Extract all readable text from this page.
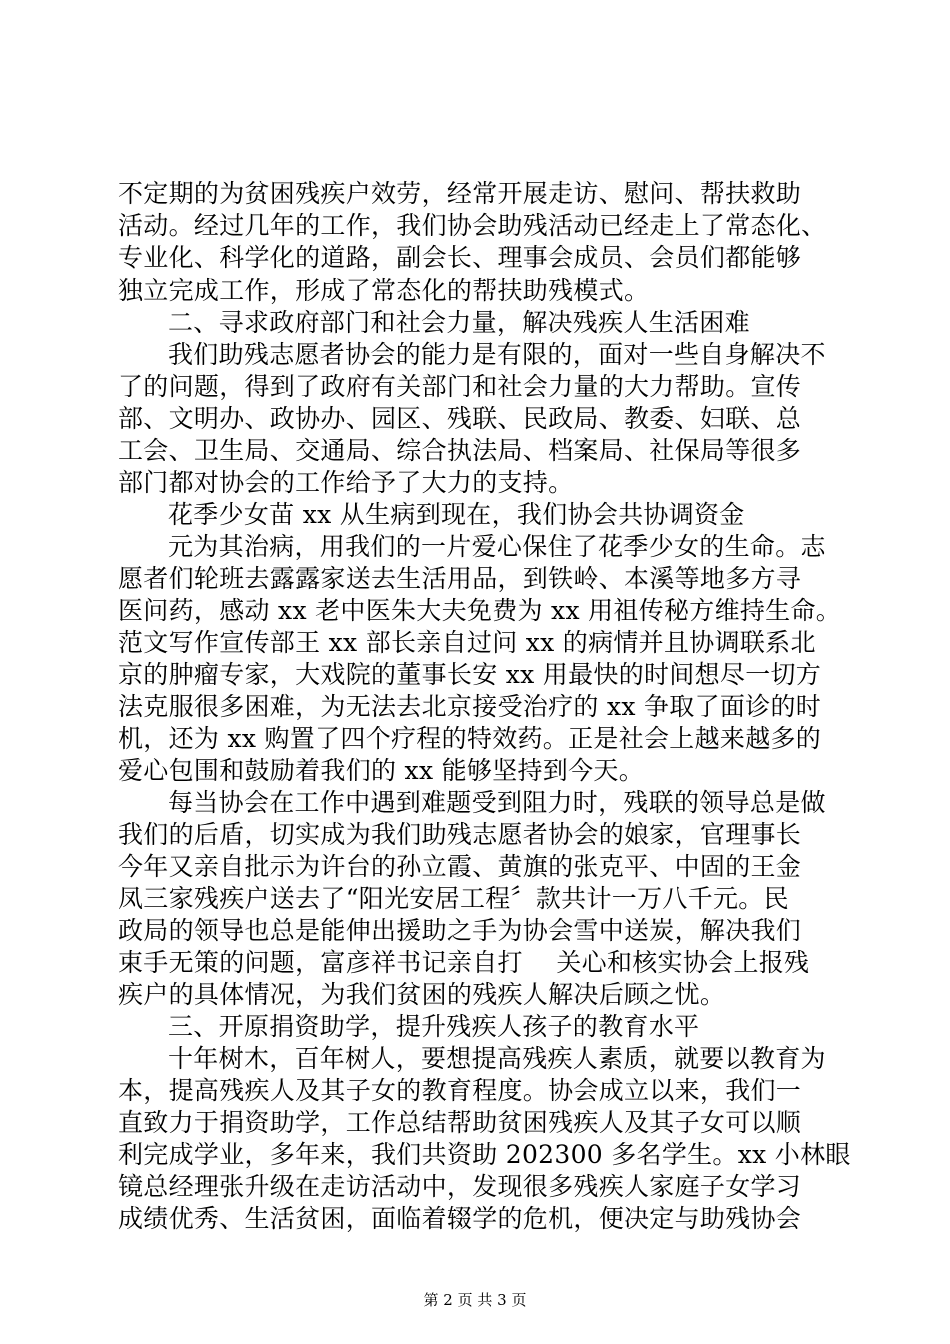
不定期的为贫困残疾户效劳，经常开展走访、慰问、帮扶救助
活动。经过几年的工作，我们协会助残活动已经走上了常态化、
专业化、科学化的道路，副会长、理事会成员、会员们都能够
独立完成工作，形成了常态化的帮扶助残模式。
二、寻求政府部门和社会力量，解决残疾人生活困难
我们助残志愿者协会的能力是有限的，面对一些自身解决不
了的问题，得到了政府有关部门和社会力量的大力帮助。宣传
部、文明办、政协办、园区、残联、民政局、教委、妇联、总
工会、卫生局、交通局、综合执法局、档案局、社保局等很多
部门都对协会的工作给予了大力的支持。
花季少女苗 xx 从生病到现在，我们协会共协调资金
元为其治病，用我们的一片爱心保住了花季少女的生命。志
愿者们轮班去露露家送去生活用品，到铁岭、本溪等地多方寻
医问药，感动 xx 老中医朱大夫免费为 xx 用祖传秘方维持生命。
范文写作宣传部王 xx 部长亲自过问 xx 的病情并且协调联系北
京的肿瘤专家，大戏院的董事长安 xx 用最快的时间想尽一切方
法克服很多困难，为无法去北京接受治疗的 xx 争取了面诊的时
机，还为 xx 购置了四个疗程的特效药。正是社会上越来越多的
爱心包围和鼓励着我们的 xx 能够坚持到今天。
每当协会在工作中遇到难题受到阻力时，残联的领导总是做
我们的后盾，切实成为我们助残志愿者协会的娘家，官理事长
今年又亲自批示为许台的孙立霞、黄旗的张克平、中固的王金
凤三家残疾户送去了“阳光安居工程〞款共计一万八千元。民
政局的领导也总是能伸出援助之手为协会雪中送炭，解决我们
束手无策的问题，富彦祥书记亲自打　 关心和核实协会上报残
疾户的具体情况，为我们贫困的残疾人解决后顾之忧。
三、开原捐资助学，提升残疾人孩子的教育水平
十年树木，百年树人，要想提高残疾人素质，就要以教育为
本，提高残疾人及其子女的教育程度。协会成立以来，我们一
直致力于捐资助学，工作总结帮助贫困残疾人及其子女可以顺
利完成学业，多年来，我们共资助 202300 多名学生。xx 小林眼
镜总经理张升级在走访活动中，发现很多残疾人家庭子女学习
成绩优秀、生活贫困，面临着辍学的危机，便决定与助残协会
第 2 页 共 3 页
